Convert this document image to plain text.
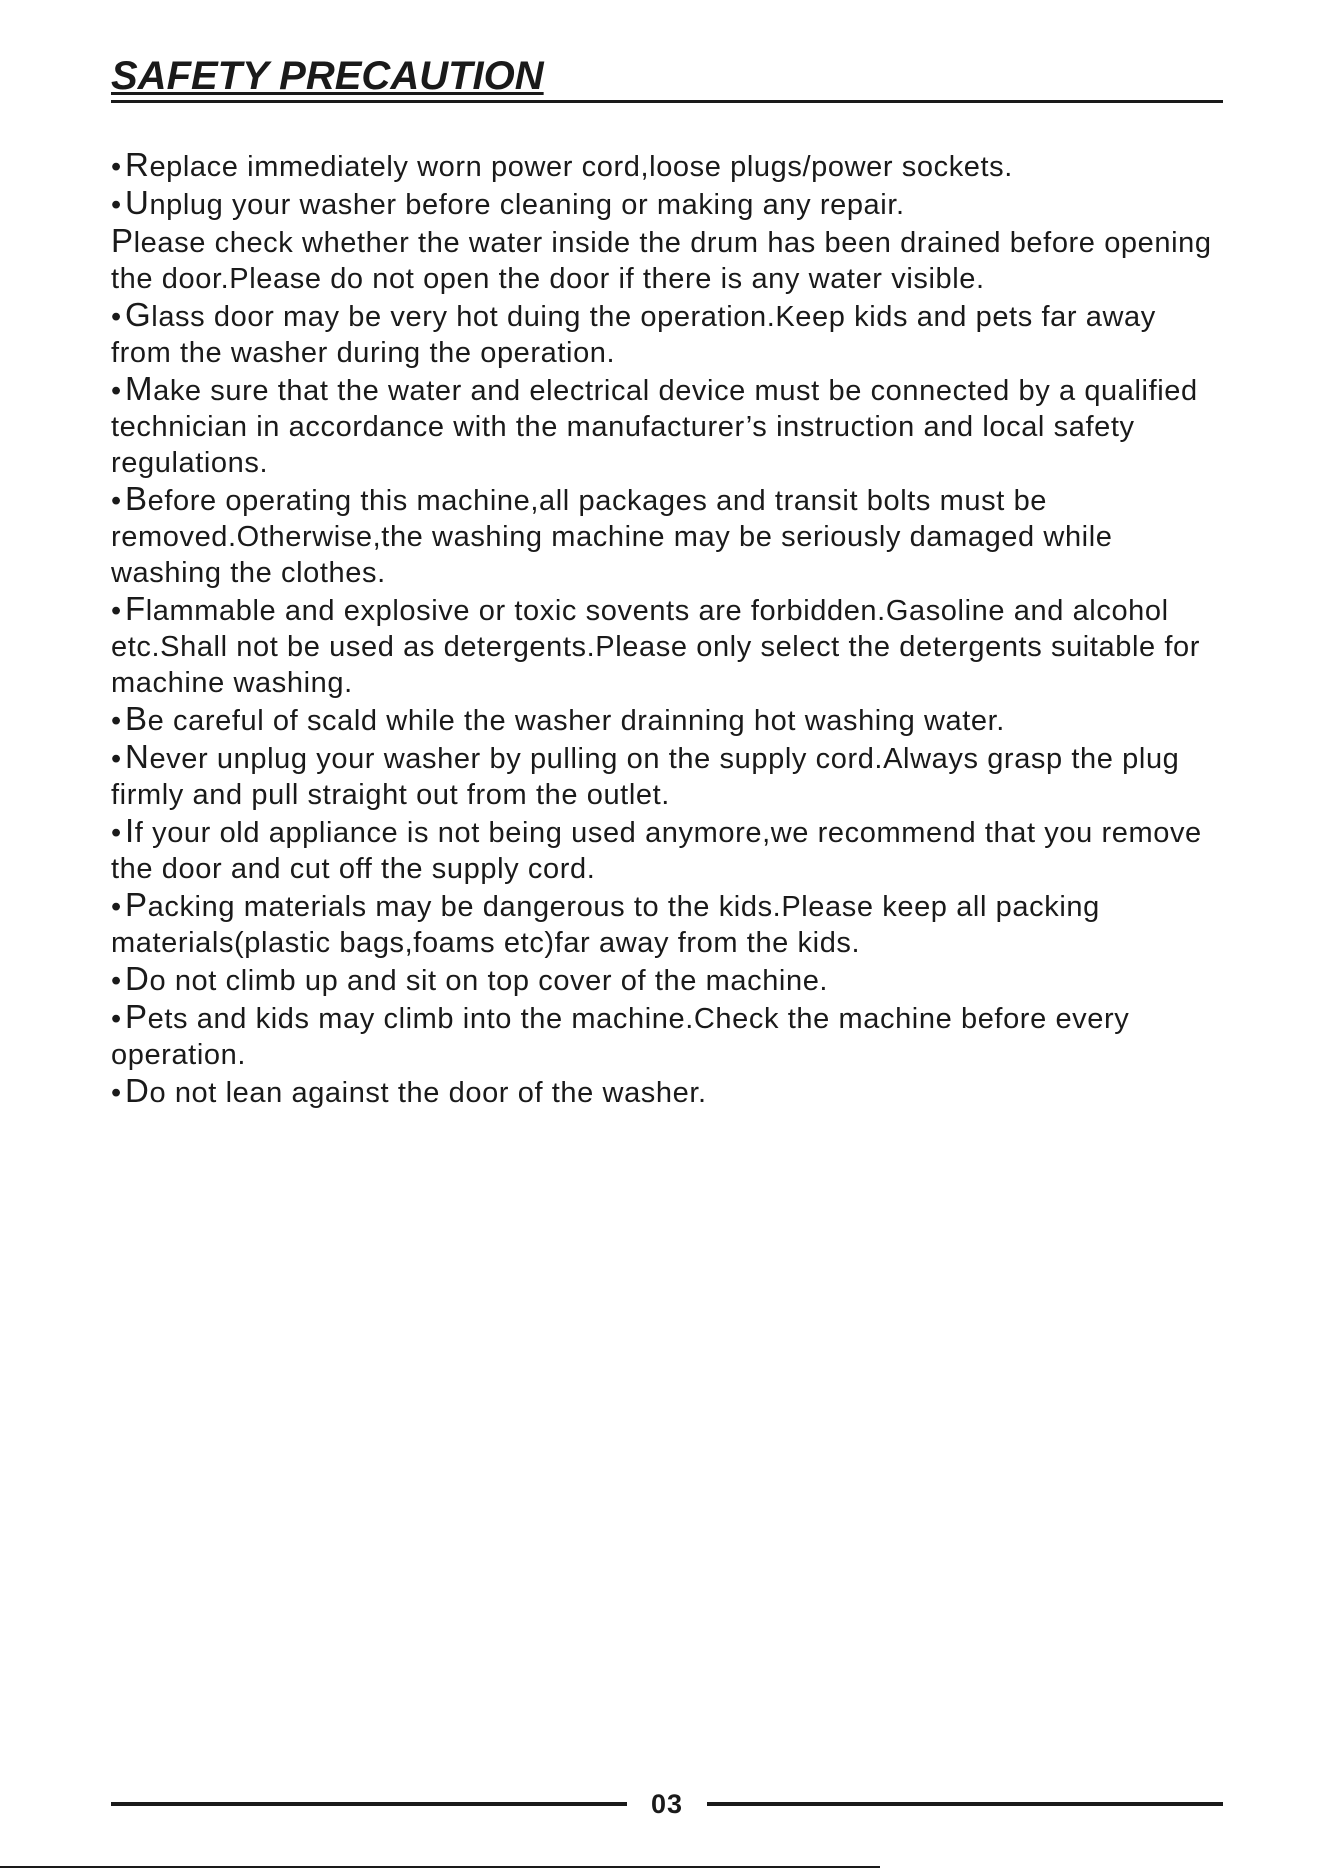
SAFETY PRECAUTION

•Replace immediately worn power cord,loose plugs/power sockets.

•Unplug your washer before cleaning or making any repair.

Please check whether the water inside the drum has been drained before opening the door.Please do not open the door if there is any water visible.

•Glass door may be very hot duing the operation.Keep kids and pets far away from the washer during the operation.

•Make sure that the water and electrical device must be connected by a qualified technician in accordance with the manufacturer’s instruction and local safety regulations.

•Before operating this machine,all packages and transit bolts must be removed.Otherwise,the washing machine may be seriously damaged while washing the clothes.

•Flammable and explosive or toxic sovents are forbidden.Gasoline and alcohol etc.Shall not be used as detergents.Please only select the detergents suitable for machine washing.

•Be careful of scald while the washer drainning hot washing water.

•Never unplug your washer by pulling on the supply cord.Always grasp the plug firmly and pull straight out from the outlet.

•If your old appliance is not being used anymore,we recommend that you remove the door and cut off the supply cord.

•Packing materials may be dangerous to the kids.Please keep all packing materials(plastic bags,foams etc)far away from the kids.

•Do not climb up and sit on top cover of the machine.

•Pets and kids may climb into the machine.Check the machine before every operation.

•Do not lean against the door of the washer.

03
